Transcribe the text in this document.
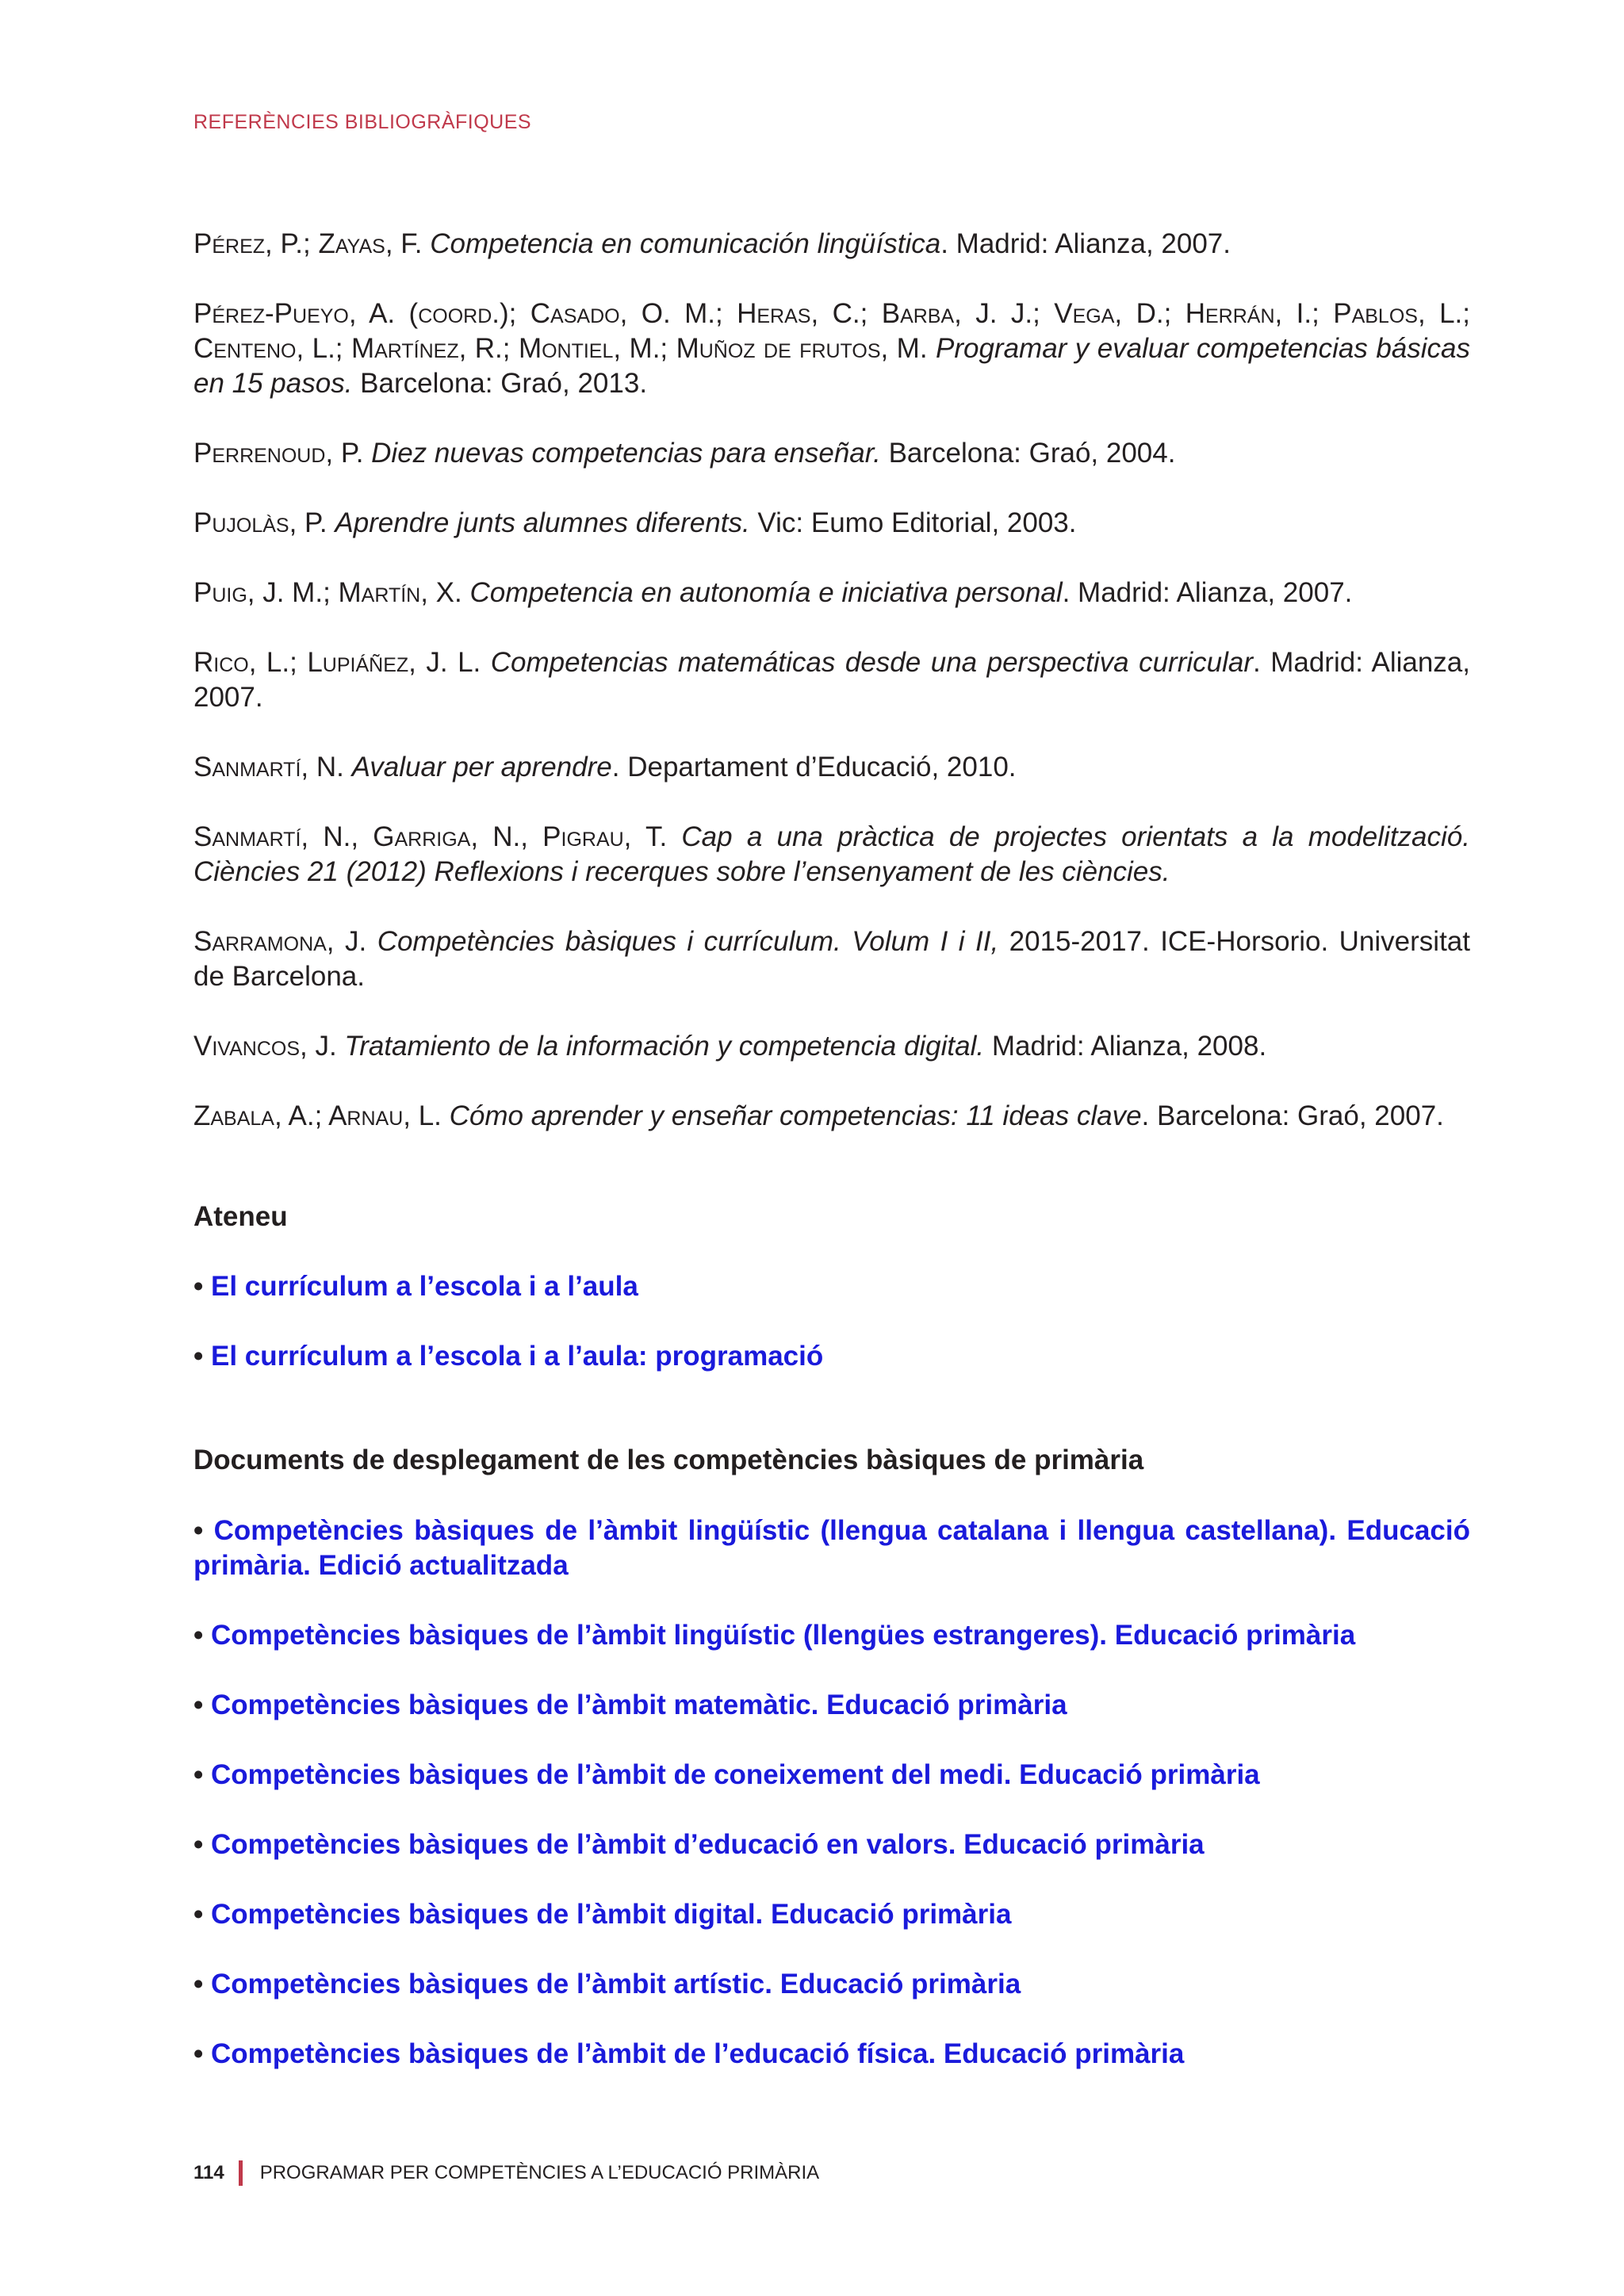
REFERÈNCIES BIBLIOGRÀFIQUES

Pérez, P.; Zayas, F. Competencia en comunicación lingüística. Madrid: Alianza, 2007.

Pérez-Pueyo, A. (coord.); Casado, O. M.; Heras, C.; Barba, J. J.; Vega, D.; Herrán, I.; Pablos, L.; Centeno, L.; Martínez, R.; Montiel, M.; Muñoz de frutos, M. Programar y evaluar competencias básicas en 15 pasos. Barcelona: Graó, 2013.

Perrenoud, P. Diez nuevas competencias para enseñar. Barcelona: Graó, 2004.

Pujolàs, P. Aprendre junts alumnes diferents. Vic: Eumo Editorial, 2003.

Puig, J. M.; Martín, X. Competencia en autonomía e iniciativa personal. Madrid: Alianza, 2007.

Rico, L.; Lupiáñez, J. L. Competencias matemáticas desde una perspectiva curricular. Madrid: Alianza, 2007.

Sanmartí, N. Avaluar per aprendre. Departament d’Educació, 2010.

Sanmartí, N., Garriga, N., Pigrau, T. Cap a una pràctica de projectes orientats a la modelització. Ciències 21 (2012) Reflexions i recerques sobre l’ensenyament de les ciències.

Sarramona, J. Competències bàsiques i currículum. Volum I i II, 2015-2017. ICE-Horsorio. Universitat de Barcelona.

Vivancos, J. Tratamiento de la información y competencia digital. Madrid: Alianza, 2008.

Zabala, A.; Arnau, L. Cómo aprender y enseñar competencias: 11 ideas clave. Barcelona: Graó, 2007.

Ateneu

• El currículum a l’escola i a l’aula

• El currículum a l’escola i a l’aula: programació

Documents de desplegament de les competències bàsiques de primària

• Competències bàsiques de l’àmbit lingüístic (llengua catalana i llengua castellana). Educació primària. Edició actualitzada

• Competències bàsiques de l’àmbit lingüístic (llengües estrangeres). Educació primària

• Competències bàsiques de l’àmbit matemàtic. Educació primària

• Competències bàsiques de l’àmbit de coneixement del medi. Educació primària

• Competències bàsiques de l’àmbit d’educació en valors. Educació primària

• Competències bàsiques de l’àmbit digital. Educació primària

• Competències bàsiques de l’àmbit artístic. Educació primària

• Competències bàsiques de l’àmbit de l’educació física. Educació primària

114 PROGRAMAR PER COMPETÈNCIES A L’EDUCACIÓ PRIMÀRIA
